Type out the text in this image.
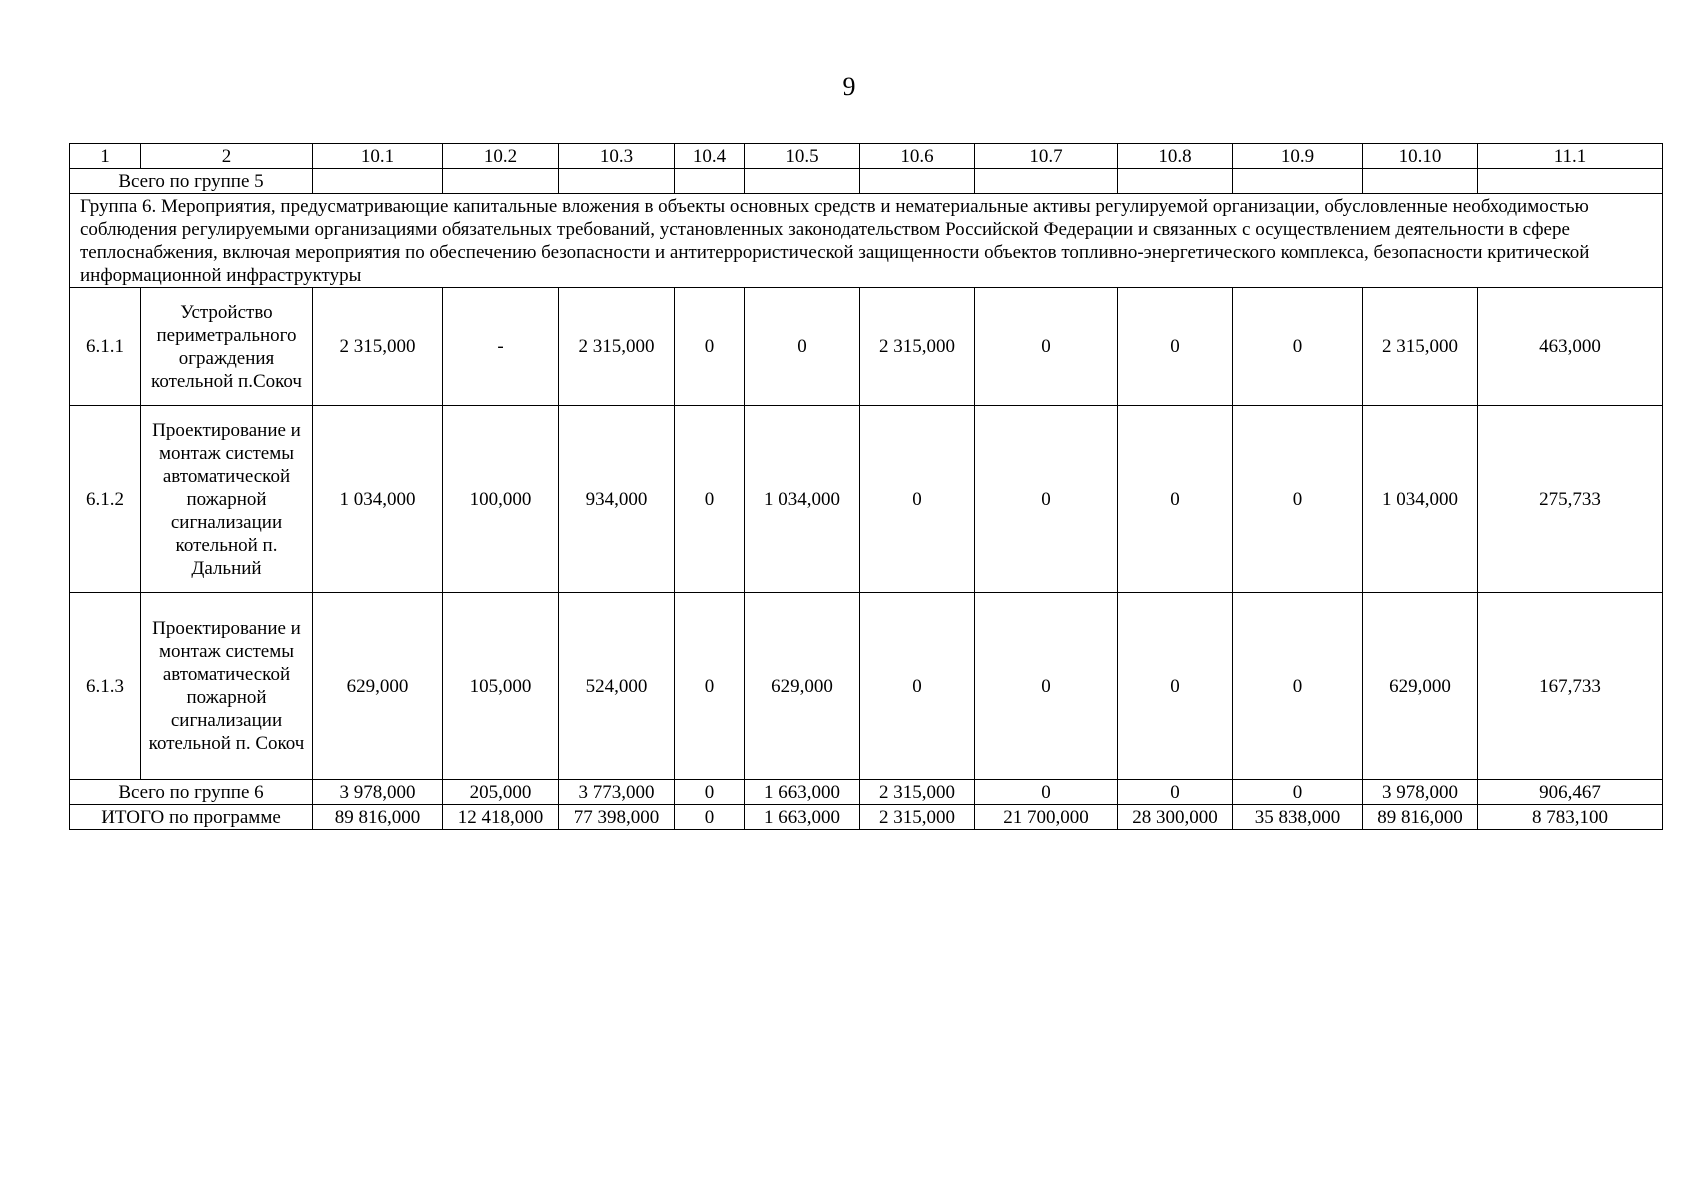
9
1	2	10.1	10.2	10.3	10.4	10.5	10.6	10.7	10.8	10.9	10.10	11.1
Всего по группе 5												
Группа 6. Мероприятия, предусматривающие капитальные вложения в объекты основных средств и нематериальные активы регулируемой организации, обусловленные необходимостью соблюдения регулируемыми организациями обязательных требований, установленных законодательством Российской Федерации и связанных с осуществлением деятельности в сфере теплоснабжения, включая мероприятия по обеспечению безопасности и антитеррористической защищенности объектов топливно-энергетического комплекса, безопасности критической информационной инфраструктуры												
6.1.1	Устройство периметрального ограждения котельной п.Сокоч	2 315,000	-	2 315,000	0	0	2 315,000	0	0	0	2 315,000	463,000
6.1.2	Проектирование и монтаж системы автоматической пожарной сигнализации котельной п. Дальний	1 034,000	100,000	934,000	0	1 034,000	0	0	0	0	1 034,000	275,733
6.1.3	Проектирование и монтаж системы автоматической пожарной сигнализации котельной п. Сокоч	629,000	105,000	524,000	0	629,000	0	0	0	0	629,000	167,733
Всего по группе 6		3 978,000	205,000	3 773,000	0	1 663,000	2 315,000	0	0	0	3 978,000	906,467
ИТОГО по программе		89 816,000	12 418,000	77 398,000	0	1 663,000	2 315,000	21 700,000	28 300,000	35 838,000	89 816,000	8 783,100
